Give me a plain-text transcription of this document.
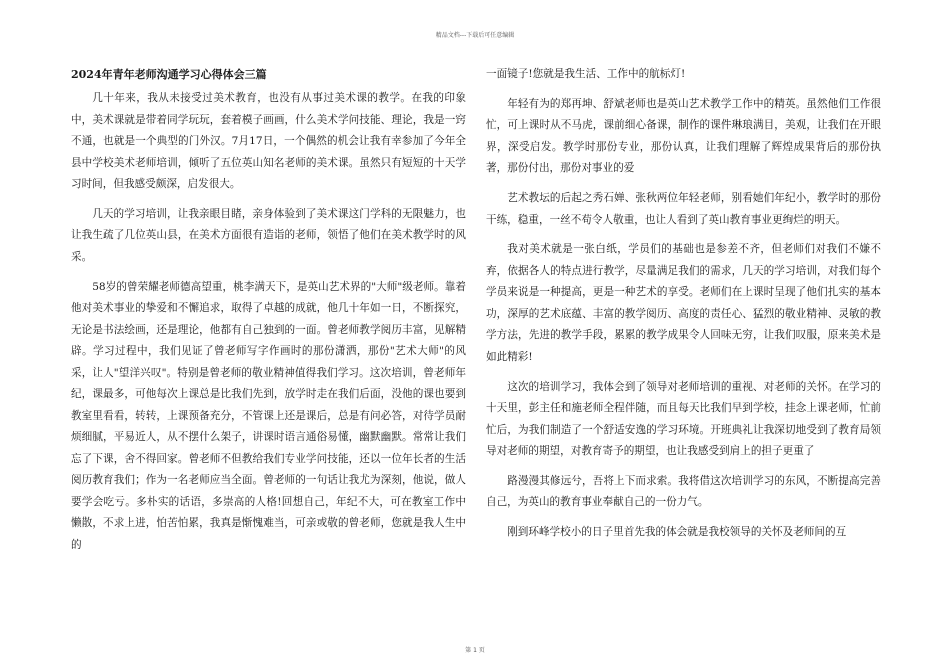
精品文档---下载后可任意编辑
2024年青年老师沟通学习心得体会三篇

几十年来，我从未接受过美术教育，也没有从事过美术课的教学。在我的印象中，美术课就是带着同学玩玩，套着模子画画，什么美术学问技能、理论，我是一窍不通，也就是一个典型的门外汉。7月17日，一个偶然的机会让我有幸参加了今年全县中学校美术老师培训，倾听了五位英山知名老师的美术课。虽然只有短短的十天学习时间，但我感受颇深，启发很大。

几天的学习培训，让我亲眼目睹，亲身体验到了美术课这门学科的无限魅力，也让我生疏了几位英山县，在美术方面很有造诣的老师，领悟了他们在美术教学时的风采。

58岁的曾荣耀老师德高望重，桃李满天下，是英山艺术界的"大师"级老师。靠着他对美术事业的挚爱和不懈追求，取得了卓越的成就，他几十年如一日，不断探究，无论是书法绘画，还是理论，他都有自己独到的一面。曾老师教学阅历丰富，见解精辟。学习过程中，我们见证了曾老师写字作画时的那份潇洒，那份"艺术大师"的风采，让人"望洋兴叹"。特别是曾老师的敬业精神值得我们学习。这次培训，曾老师年纪，课最多，可他每次上课总是比我们先到，放学时走在我们后面，没他的课也要到教室里看看，转转，上课预备充分，不管课上还是课后，总是有问必答，对待学员耐烦细腻，平易近人，从不摆什么架子，讲课时语言通俗易懂，幽默幽默。常常让我们忘了下课，舍不得回家。曾老师不但教给我们专业学问技能，还以一位年长者的生活阅历教育我们；作为一名老师应当全面。曾老师的一句话让我尤为深刻，他说，做人要学会吃亏。多朴实的话语，多崇高的人格!回想自己，年纪不大，可在教室工作中懒散，不求上进，怕苦怕累，我真是惭愧难当，可亲或敬的曾老师，您就是我人生中的

一面镜子!您就是我生活、工作中的航标灯!

年轻有为的郑再坤、舒斌老师也是英山艺术教学工作中的精英。虽然他们工作很忙，可上课时从不马虎，课前细心备课，制作的课件琳琅满目，美观，让我们在开眼界，深受启发。教学时那份专业，那份认真，让我们理解了辉煌成果背后的那份执著，那份付出，那份对事业的爱

艺术教坛的后起之秀石婵、张秋两位年轻老师，别看她们年纪小，教学时的那份干练，稳重，一丝不苟令人敬重，也让人看到了英山教育事业更绚烂的明天。

我对美术就是一张白纸，学员们的基础也是参差不齐，但老师们对我们不嫌不弃，依据各人的特点进行教学，尽量满足我们的需求，几天的学习培训，对我们每个学员来说是一种提高，更是一种艺术的享受。老师们在上课时呈现了他们扎实的基本功，深厚的艺术底蕴、丰富的教学阅历、高度的责任心、猛烈的敬业精神、灵敏的教学方法，先进的教学手段，累累的教学成果令人回味无穷，让我们叹服，原来美术是如此精彩!

这次的培训学习，我体会到了领导对老师培训的重视、对老师的关怀。在学习的十天里，彭主任和施老师全程伴随，而且每天比我们早到学校，挂念上课老师，忙前忙后，为我们制造了一个舒适安逸的学习环境。开班典礼让我深切地受到了教育局领导对老师的期望，对教育寄予的期望，也让我感受到肩上的担子更重了

路漫漫其修远兮，吾将上下而求索。我将借这次培训学习的东风，不断提高完善自己，为英山的教育事业奉献自己的一份力气。

刚到环峰学校小的日子里首先我的体会就是我校领导的关怀及老师间的互

第 1 页
